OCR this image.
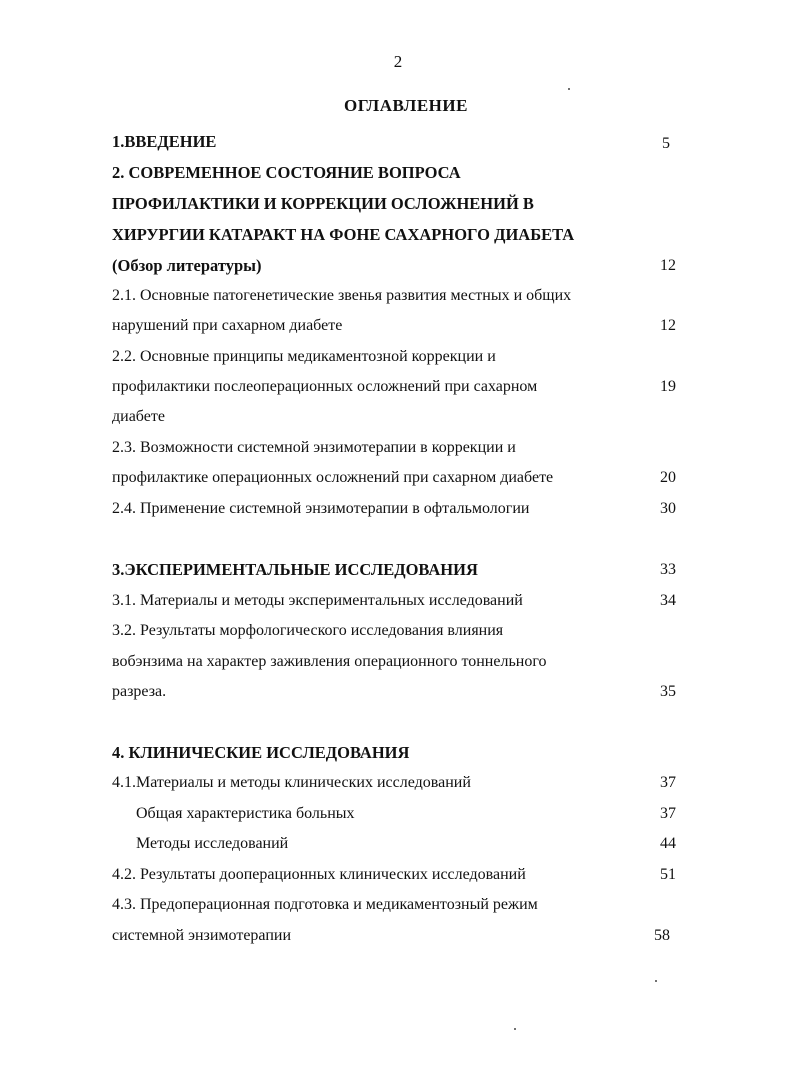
2
ОГЛАВЛЕНИЕ
1.ВВЕДЕНИЕ	5
2. СОВРЕМЕННОЕ СОСТОЯНИЕ ВОПРОСА
ПРОФИЛАКТИКИ И КОРРЕКЦИИ ОСЛОЖНЕНИЙ В
ХИРУРГИИ КАТАРАКТ НА ФОНЕ САХАРНОГО ДИАБЕТА
(Обзор литературы)	12
2.1. Основные патогенетические звенья развития местных и общих
нарушений при сахарном диабете	12
2.2. Основные принципы медикаментозной коррекции и
профилактики послеоперационных осложнений при сахарном	19
диабете
2.3. Возможности системной энзимотерапии в коррекции и
профилактике операционных осложнений при сахарном диабете	20
2.4. Применение системной энзимотерапии в офтальмологии	30
3.ЭКСПЕРИМЕНТАЛЬНЫЕ ИССЛЕДОВАНИЯ	33
3.1. Материалы и методы экспериментальных исследований	34
3.2. Результаты морфологического исследования влияния
вобэнзима на характер заживления операционного тоннельного
разреза.	35
4. КЛИНИЧЕСКИЕ ИССЛЕДОВАНИЯ
4.1.Материалы и методы клинических исследований	37
Общая характеристика больных	37
Методы исследований	44
4.2. Результаты дооперационных клинических исследований	51
4.3. Предоперационная подготовка и медикаментозный режим
системной энзимотерапии	58
